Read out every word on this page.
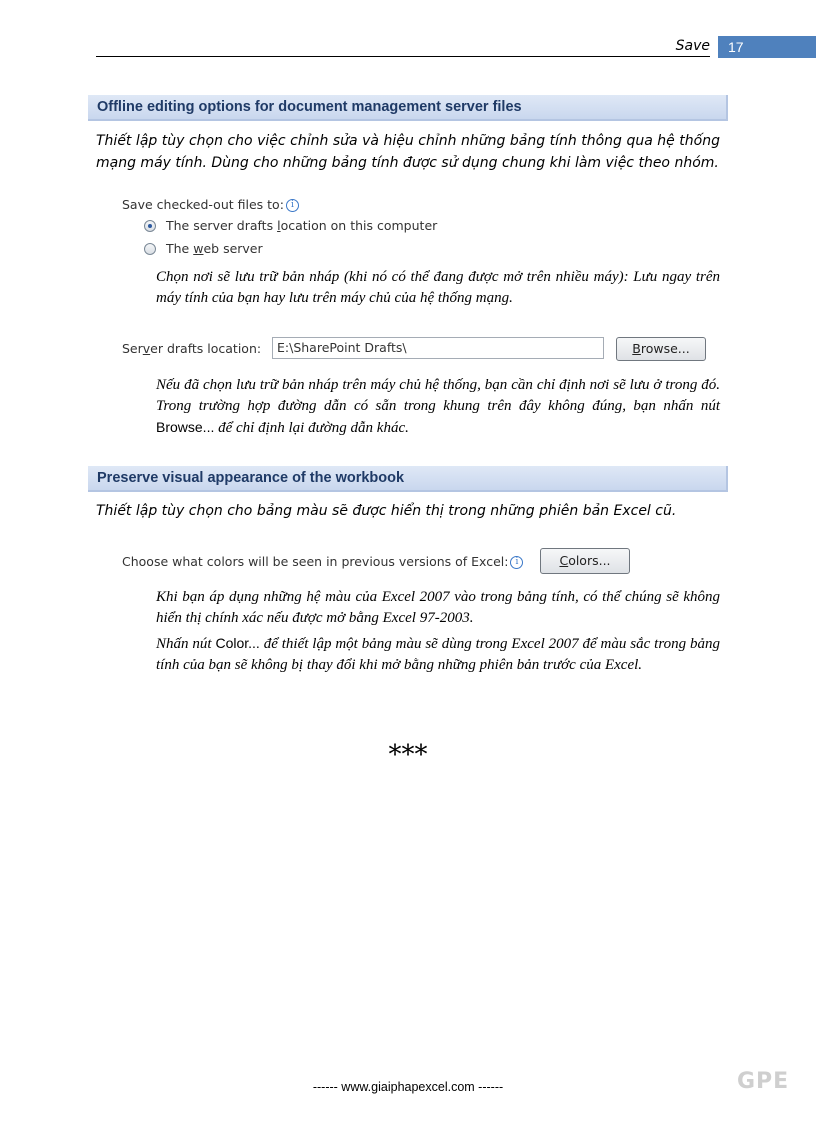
Save	17
Offline editing options for document management server files
Thiết lập tùy chọn cho việc chỉnh sửa và hiệu chỉnh những bảng tính thông qua hệ thống mạng máy tính. Dùng cho những bảng tính được sử dụng chung khi làm việc theo nhóm.
Save checked-out files to: i
The server drafts location on this computer
The web server
Chọn nơi sẽ lưu trữ bản nháp (khi nó có thể đang được mở trên nhiều máy): Lưu ngay trên máy tính của bạn hay lưu trên máy chủ của hệ thống mạng.
Server drafts location:	E:\SharePoint Drafts\	Browse...
Nếu đã chọn lưu trữ bản nháp trên máy chủ hệ thống, bạn cần chỉ định nơi sẽ lưu ở trong đó. Trong trường hợp đường dẫn có sẵn trong khung trên đây không đúng, bạn nhấn nút Browse... để chỉ định lại đường dẫn khác.
Preserve visual appearance of the workbook
Thiết lập tùy chọn cho bảng màu sẽ được hiển thị trong những phiên bản Excel cũ.
Choose what colors will be seen in previous versions of Excel: i	Colors...
Khi bạn áp dụng những hệ màu của Excel 2007 vào trong bảng tính, có thể chúng sẽ không hiển thị chính xác nếu được mở bằng Excel 97-2003.
Nhấn nút Color... để thiết lập một bảng màu sẽ dùng trong Excel 2007 để màu sắc trong bảng tính của bạn sẽ không bị thay đổi khi mở bằng những phiên bản trước của Excel.
***
------ www.giaiphapexcel.com ------	GPE
